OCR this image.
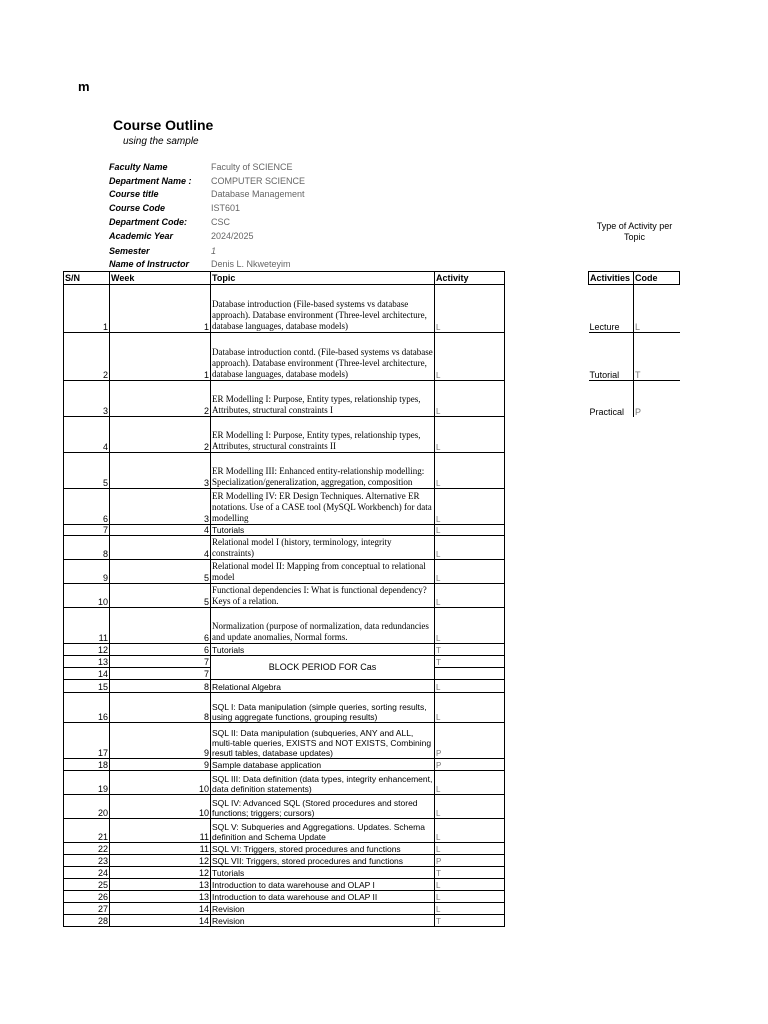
m
Course Outline
using the sample
Faculty Name	Faculty of SCIENCE
Department Name : COMPUTER SCIENCE
Course title	Database Management
Course Code	IST601
Department Code:	CSC
Academic Year	2024/2025
Semester	1
Name of Instructor Denis L. Nkweteyim
S/N	Week	Topic	Activity
1	1	Database introduction (File-based systems vs database approach). Database environment (Three-level architecture, database languages, database models)	L
2	1	Database introduction contd. (File-based systems vs database approach). Database environment (Three-level architecture, database languages, database models)	L
3	2	ER Modelling I: Purpose, Entity types, relationship types, Attributes, structural constraints I	L
4	2	ER Modelling I: Purpose, Entity types, relationship types, Attributes, structural constraints II	L
5	3	ER Modelling III: Enhanced entity-relationship modelling: Specialization/generalization, aggregation, composition	L
6	3	ER Modelling IV: ER Design Techniques. Alternative ER notations. Use of a CASE tool (MySQL Workbench) for data modelling	L
7	4	Tutorials	L
8	4	Relational model I (history, terminology, integrity constraints)	L
9	5	Relational model II: Mapping from conceptual to relational model	L
10	5	Functional dependencies I: What is functional dependency? Keys of a relation.	L
11	6	Normalization (purpose of normalization, data redundancies and update anomalies, Normal forms.	L
12	6	Tutorials	T
13	7	BLOCK PERIOD FOR Cas	T
14	7		
15	8	Relational Algebra	L
16	8	SQL I: Data manipulation (simple queries, sorting results, using aggregate functions, grouping results)	L
17	9	SQL II: Data manipulation (subqueries, ANY and ALL, multi-table queries, EXISTS and NOT EXISTS, Combining resutl tables, database updates)	P
18	9	Sample database application	P
19	10	SQL III: Data definition (data types, integrity enhancement, data definition statements)	L
20	10	SQL IV: Advanced SQL (Stored procedures and stored functions; triggers; cursors)	L
21	11	SQL V: Subqueries and Aggregations. Updates. Schema definition and Schema Update	L
22	11	SQL VI: Triggers, stored procedures and functions	L
23	12	SQL VII: Triggers, stored procedures and functions	P
24	12	Tutorials	T
25	13	Introduction to data warehouse and OLAP I	L
26	13	Introduction to data warehouse and OLAP II	L
27	14	Revision	L
28	14	Revision	T
Type of Activity per Topic
Activities	Code
Lecture	L
Tutorial	T
Practical	P
